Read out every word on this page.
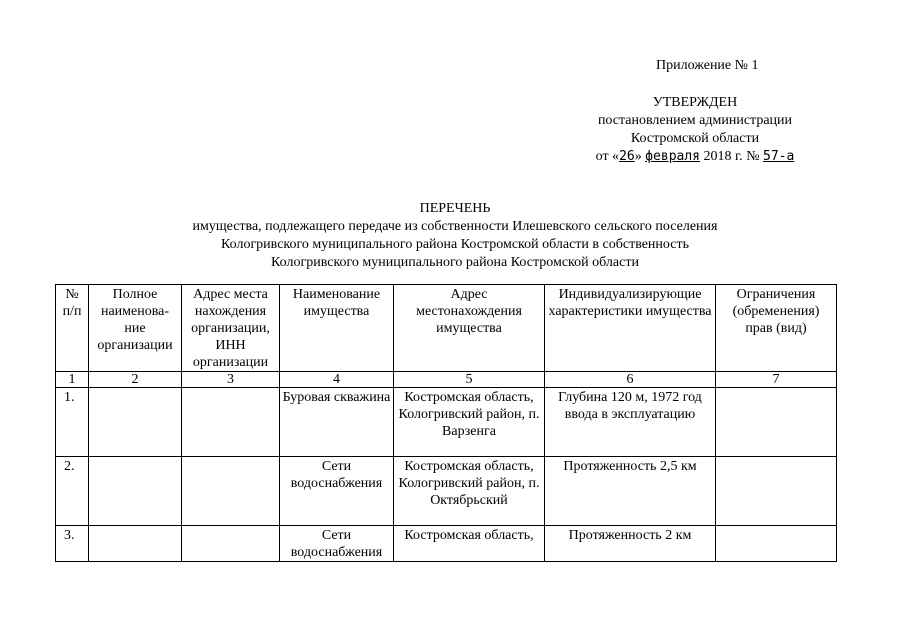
Приложение № 1
УТВЕРЖДЕН
постановлением администрации
Костромской области
от «26» февраля 2018 г. № 57-а
ПЕРЕЧЕНЬ
имущества, подлежащего передаче из собственности Илешевского сельского поселения
Кологривского муниципального района Костромской области в собственность
Кологривского муниципального района Костромской области
№ п/п	Полное наименова-ние организации	Адрес места нахождения организации, ИНН организации	Наименование имущества	Адрес местонахождения имущества	Индивидуализирующие характеристики имущества	Ограничения (обременения) прав (вид)
1	2	3	4	5	6	7
1.			Буровая скважина	Костромская область, Кологривский район, п. Варзенга	Глубина 120 м, 1972 год ввода в эксплуатацию	
2.			Сети водоснабжения	Костромская область, Кологривский район, п. Октябрьский	Протяженность 2,5 км	
3.			Сети водоснабжения	Костромская область,	Протяженность 2 км	
